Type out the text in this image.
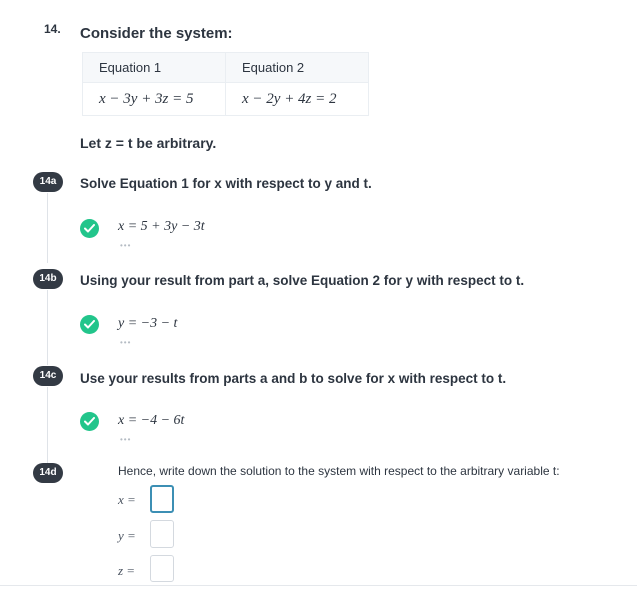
14. Consider the system:
Equation 1	Equation 2
x − 3y + 3z = 5	x − 2y + 4z = 2
Let z = t be arbitrary.
14a	Solve Equation 1 for x with respect to y and t.
x = 5 + 3y − 3t
•••
14b	Using your result from part a, solve Equation 2 for y with respect to t.
y = −3 − t
•••
14c	Use your results from parts a and b to solve for x with respect to t.
x = −4 − 6t
•••
14d	Hence, write down the solution to the system with respect to the arbitrary variable t:
x =
y =
z =
